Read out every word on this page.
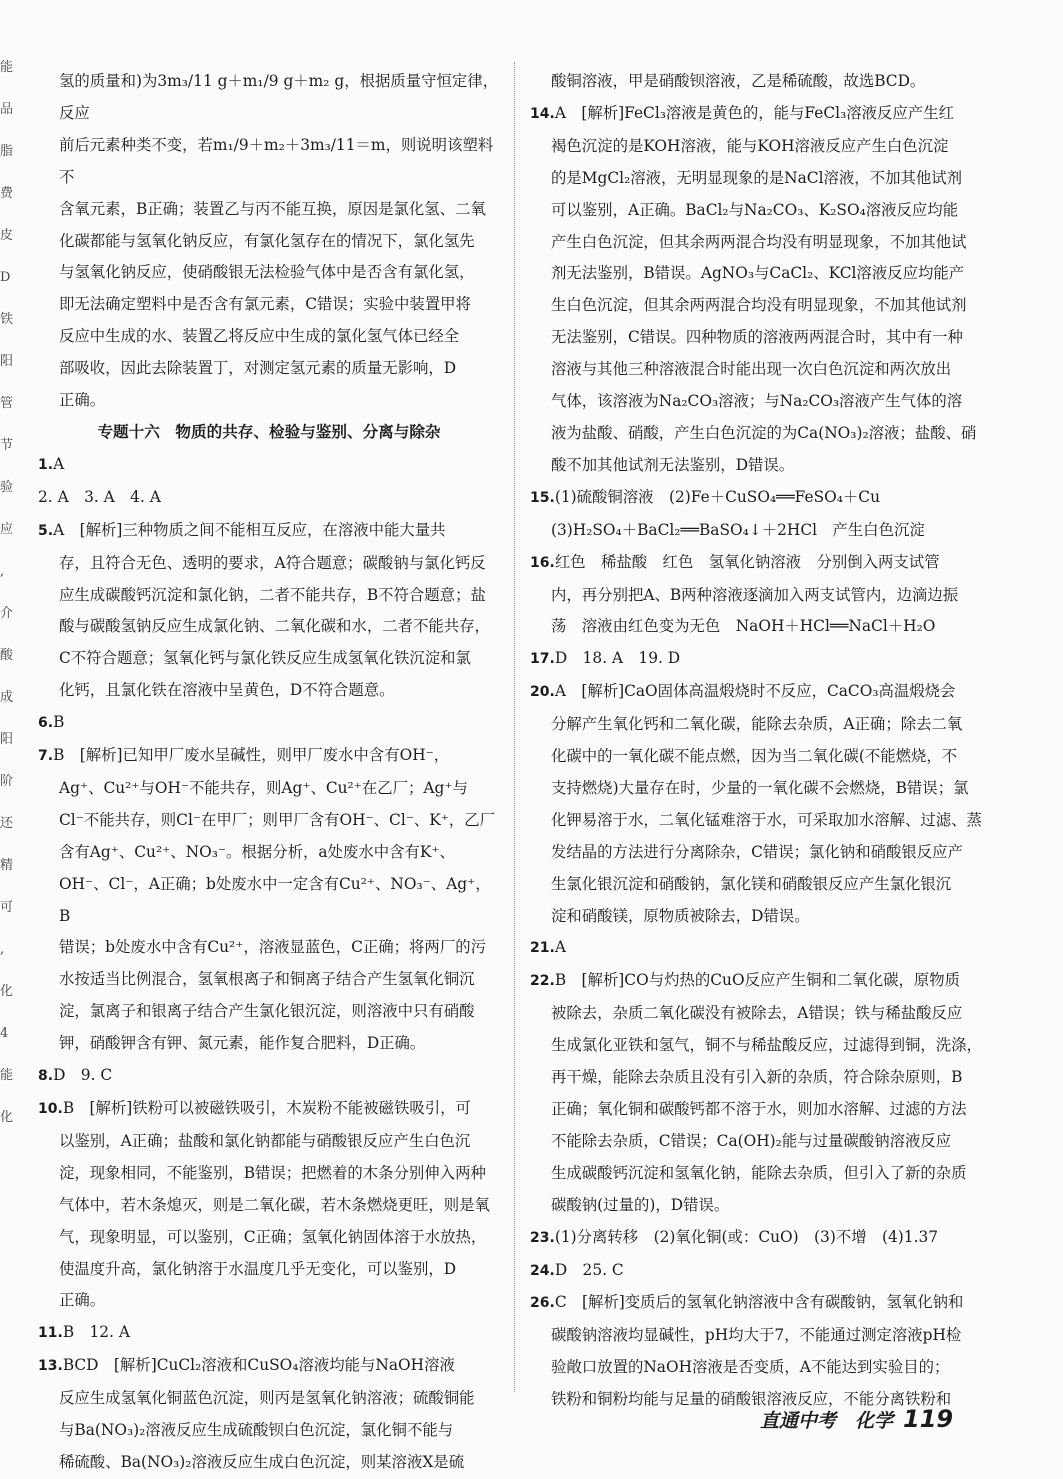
能
品
脂
费
皮
D
铁
阳
管
节
验
应
,
介
酸
成
阳
阶
还
精
可
,
化
4
能
化

氢的质量和)为3m₃/11 g＋m₁/9 g＋m₂ g，根据质量守恒定律，反应

前后元素种类不变，若m₁/9＋m₂＋3m₃/11＝m，则说明该塑料不

含氧元素，B正确；装置乙与丙不能互换，原因是氯化氢、二氧

化碳都能与氢氧化钠反应，有氯化氢存在的情况下，氯化氢先

与氢氧化钠反应，使硝酸银无法检验气体中是否含有氯化氢，

即无法确定塑料中是否含有氯元素，C错误；实验中装置甲将

反应中生成的水、装置乙将反应中生成的氯化氢气体已经全

部吸收，因此去除装置丁，对测定氢元素的质量无影响，D

正确。

专题十六　物质的共存、检验与鉴别、分离与除杂

1.A　

2. A　3. A　4. A

5.A　[解析]三种物质之间不能相互反应，在溶液中能大量共

存，且符合无色、透明的要求，A符合题意；碳酸钠与氯化钙反

应生成碳酸钙沉淀和氯化钠，二者不能共存，B不符合题意；盐

酸与碳酸氢钠反应生成氯化钠、二氧化碳和水，二者不能共存，

C不符合题意；氢氧化钙与氯化铁反应生成氢氧化铁沉淀和氯

化钙，且氯化铁在溶液中呈黄色，D不符合题意。

6.B

7.B　[解析]已知甲厂废水呈碱性，则甲厂废水中含有OH⁻，

Ag⁺、Cu²⁺与OH⁻不能共存，则Ag⁺、Cu²⁺在乙厂；Ag⁺与

Cl⁻不能共存，则Cl⁻在甲厂；则甲厂含有OH⁻、Cl⁻、K⁺，乙厂

含有Ag⁺、Cu²⁺、NO₃⁻。根据分析，a处废水中含有K⁺、

OH⁻、Cl⁻，A正确；b处废水中一定含有Cu²⁺、NO₃⁻、Ag⁺，B

错误；b处废水中含有Cu²⁺，溶液显蓝色，C正确；将两厂的污

水按适当比例混合，氢氧根离子和铜离子结合产生氢氧化铜沉

淀，氯离子和银离子结合产生氯化银沉淀，则溶液中只有硝酸

钾，硝酸钾含有钾、氮元素，能作复合肥料，D正确。

8.D　9. C

10.B　[解析]铁粉可以被磁铁吸引，木炭粉不能被磁铁吸引，可

以鉴别，A正确；盐酸和氯化钠都能与硝酸银反应产生白色沉

淀，现象相同，不能鉴别，B错误；把燃着的木条分别伸入两种

气体中，若木条熄灭，则是二氧化碳，若木条燃烧更旺，则是氧

气，现象明显，可以鉴别，C正确；氢氧化钠固体溶于水放热，

使温度升高，氯化钠溶于水温度几乎无变化，可以鉴别，D

正确。

11.B　12. A

13.BCD　[解析]CuCl₂溶液和CuSO₄溶液均能与NaOH溶液

反应生成氢氧化铜蓝色沉淀，则丙是氢氧化钠溶液；硫酸铜能

与Ba(NO₃)₂溶液反应生成硫酸钡白色沉淀，氯化铜不能与

稀硫酸、Ba(NO₃)₂溶液反应生成白色沉淀，则某溶液X是硫

酸铜溶液，甲是硝酸钡溶液，乙是稀硫酸，故选BCD。

14.A　[解析]FeCl₃溶液是黄色的，能与FeCl₃溶液反应产生红

褐色沉淀的是KOH溶液，能与KOH溶液反应产生白色沉淀

的是MgCl₂溶液，无明显现象的是NaCl溶液，不加其他试剂

可以鉴别，A正确。BaCl₂与Na₂CO₃、K₂SO₄溶液反应均能

产生白色沉淀，但其余两两混合均没有明显现象，不加其他试

剂无法鉴别，B错误。AgNO₃与CaCl₂、KCl溶液反应均能产

生白色沉淀，但其余两两混合均没有明显现象，不加其他试剂

无法鉴别，C错误。四种物质的溶液两两混合时，其中有一种

溶液与其他三种溶液混合时能出现一次白色沉淀和两次放出

气体，该溶液为Na₂CO₃溶液；与Na₂CO₃溶液产生气体的溶

液为盐酸、硝酸，产生白色沉淀的为Ca(NO₃)₂溶液；盐酸、硝

酸不加其他试剂无法鉴别，D错误。

15.(1)硫酸铜溶液　(2)Fe＋CuSO₄══FeSO₄＋Cu

(3)H₂SO₄＋BaCl₂══BaSO₄↓＋2HCl　产生白色沉淀

16.红色　稀盐酸　红色　氢氧化钠溶液　分别倒入两支试管

内，再分别把A、B两种溶液逐滴加入两支试管内，边滴边振

荡　溶液由红色变为无色　NaOH＋HCl══NaCl＋H₂O

17.D　18. A　19. D

20.A　[解析]CaO固体高温煅烧时不反应，CaCO₃高温煅烧会

分解产生氧化钙和二氧化碳，能除去杂质，A正确；除去二氧

化碳中的一氧化碳不能点燃，因为当二氧化碳(不能燃烧，不

支持燃烧)大量存在时，少量的一氧化碳不会燃烧，B错误；氯

化钾易溶于水，二氧化锰难溶于水，可采取加水溶解、过滤、蒸

发结晶的方法进行分离除杂，C错误；氯化钠和硝酸银反应产

生氯化银沉淀和硝酸钠，氯化镁和硝酸银反应产生氯化银沉

淀和硝酸镁，原物质被除去，D错误。

21.A

22.B　[解析]CO与灼热的CuO反应产生铜和二氧化碳，原物质

被除去，杂质二氧化碳没有被除去，A错误；铁与稀盐酸反应

生成氯化亚铁和氢气，铜不与稀盐酸反应，过滤得到铜，洗涤，

再干燥，能除去杂质且没有引入新的杂质，符合除杂原则，B

正确；氧化铜和碳酸钙都不溶于水，则加水溶解、过滤的方法

不能除去杂质，C错误；Ca(OH)₂能与过量碳酸钠溶液反应

生成碳酸钙沉淀和氢氧化钠，能除去杂质，但引入了新的杂质

碳酸钠(过量的)，D错误。

23.(1)分离转移　(2)氧化铜(或：CuO)　(3)不增　(4)1.37

24.D　25. C

26.C　[解析]变质后的氢氧化钠溶液中含有碳酸钠，氢氧化钠和

碳酸钠溶液均显碱性，pH均大于7，不能通过测定溶液pH检

验敞口放置的NaOH溶液是否变质，A不能达到实验目的；

铁粉和铜粉均能与足量的硝酸银溶液反应，不能分离铁粉和

直通中考　化学 119
